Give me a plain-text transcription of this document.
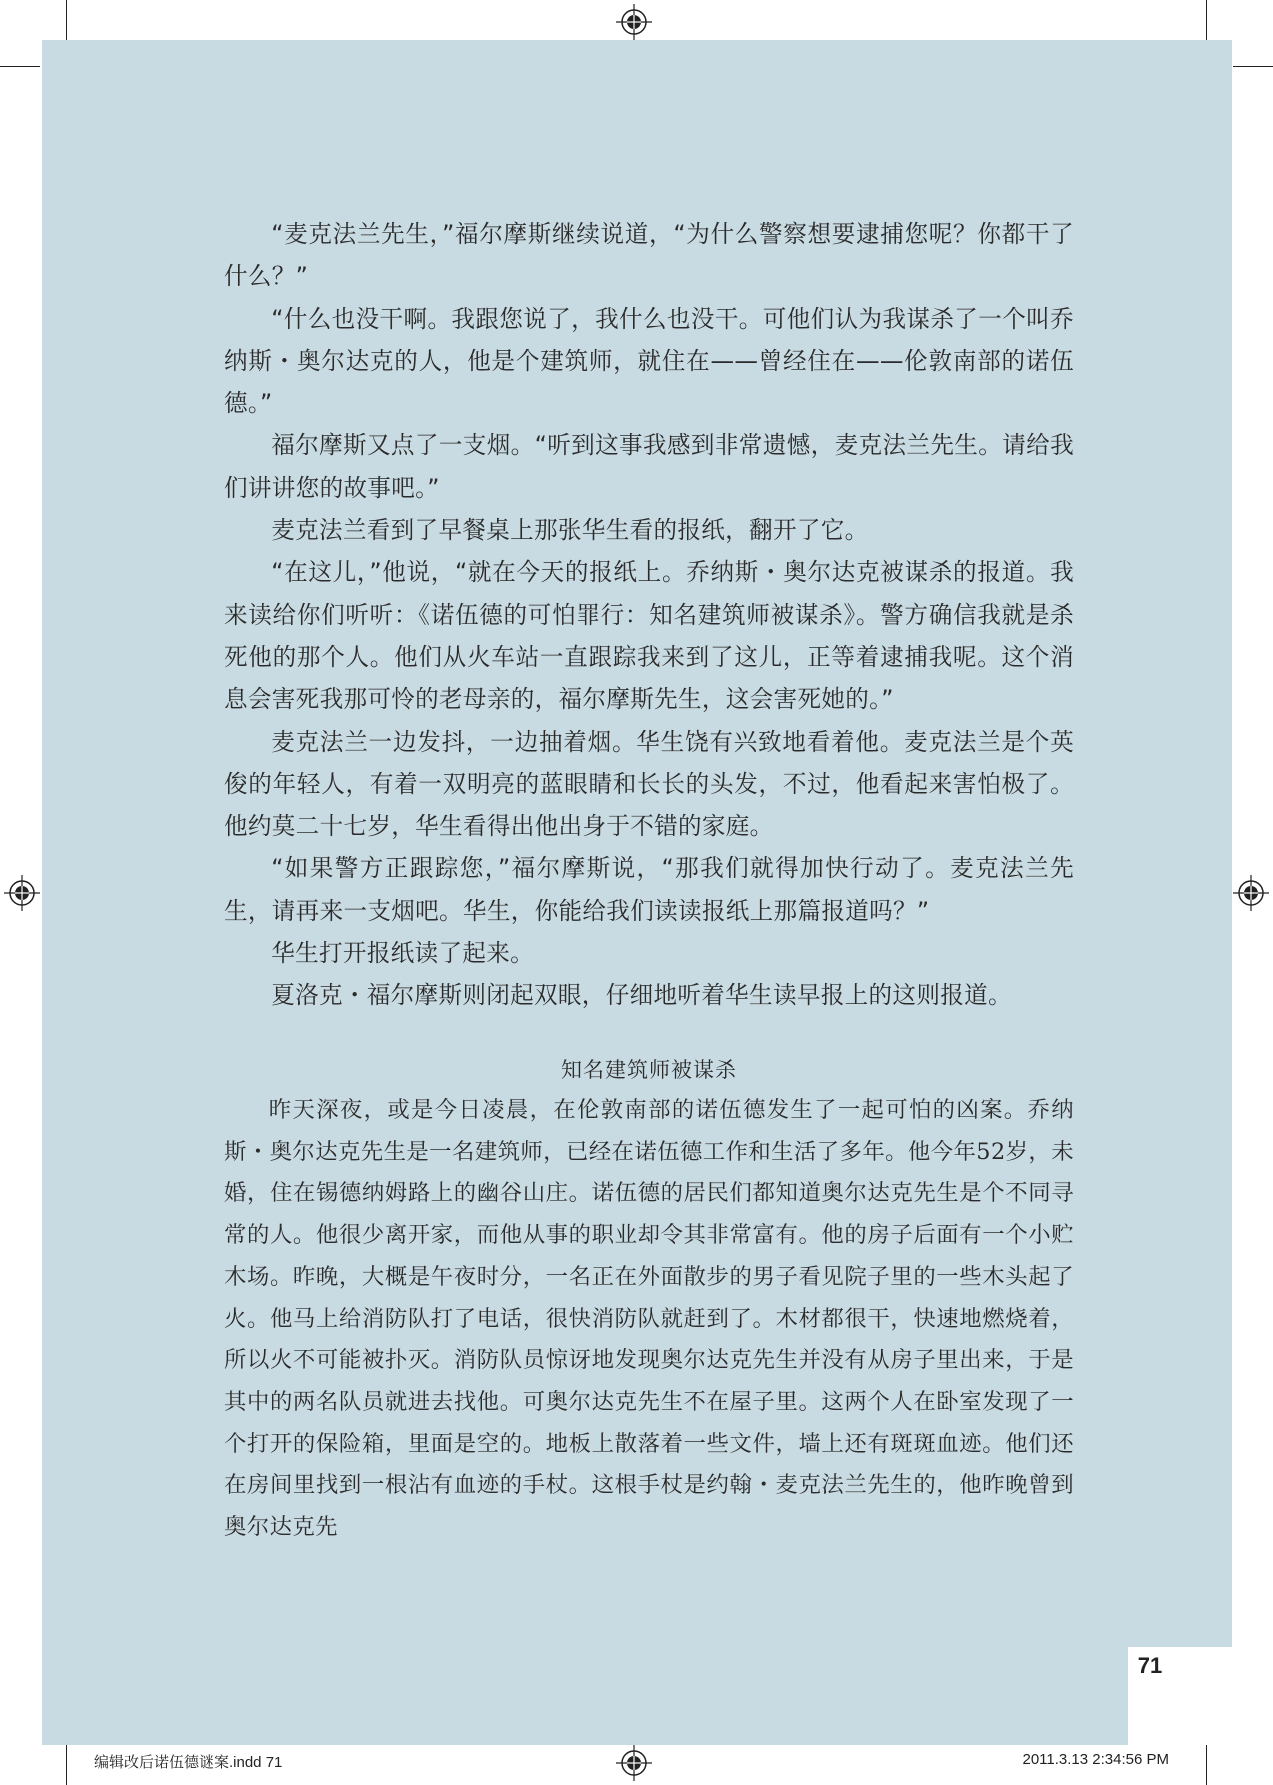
71

“麦克法兰先生，”福尔摩斯继续说道，“为什么警察想要逮捕您呢？你都干了什么？”

“什么也没干啊。我跟您说了，我什么也没干。可他们认为我谋杀了一个叫乔纳斯・奥尔达克的人，他是个建筑师，就住在——曾经住在——伦敦南部的诺伍德。”

福尔摩斯又点了一支烟。“听到这事我感到非常遗憾，麦克法兰先生。请给我们讲讲您的故事吧。”

麦克法兰看到了早餐桌上那张华生看的报纸，翻开了它。

“在这儿，”他说，“就在今天的报纸上。乔纳斯・奥尔达克被谋杀的报道。我来读给你们听听：《诺伍德的可怕罪行：知名建筑师被谋杀》。警方确信我就是杀死他的那个人。他们从火车站一直跟踪我来到了这儿，正等着逮捕我呢。这个消息会害死我那可怜的老母亲的，福尔摩斯先生，这会害死她的。”

麦克法兰一边发抖，一边抽着烟。华生饶有兴致地看着他。麦克法兰是个英俊的年轻人，有着一双明亮的蓝眼睛和长长的头发，不过，他看起来害怕极了。他约莫二十七岁，华生看得出他出身于不错的家庭。

“如果警方正跟踪您，”福尔摩斯说，“那我们就得加快行动了。麦克法兰先生，请再来一支烟吧。华生，你能给我们读读报纸上那篇报道吗？”

华生打开报纸读了起来。

夏洛克・福尔摩斯则闭起双眼，仔细地听着华生读早报上的这则报道。

知名建筑师被谋杀

昨天深夜，或是今日凌晨，在伦敦南部的诺伍德发生了一起可怕的凶案。乔纳斯・奥尔达克先生是一名建筑师，已经在诺伍德工作和生活了多年。他今年52岁，未婚，住在锡德纳姆路上的幽谷山庄。诺伍德的居民们都知道奥尔达克先生是个不同寻常的人。他很少离开家，而他从事的职业却令其非常富有。他的房子后面有一个小贮木场。昨晚，大概是午夜时分，一名正在外面散步的男子看见院子里的一些木头起了火。他马上给消防队打了电话，很快消防队就赶到了。木材都很干，快速地燃烧着，所以火不可能被扑灭。消防队员惊讶地发现奥尔达克先生并没有从房子里出来，于是其中的两名队员就进去找他。可奥尔达克先生不在屋子里。这两个人在卧室发现了一个打开的保险箱，里面是空的。地板上散落着一些文件，墙上还有斑斑血迹。他们还在房间里找到一根沾有血迹的手杖。这根手杖是约翰・麦克法兰先生的，他昨晚曾到奥尔达克先

编辑改后诺伍德谜案.indd 71	2011.3.13 2:34:56 PM
